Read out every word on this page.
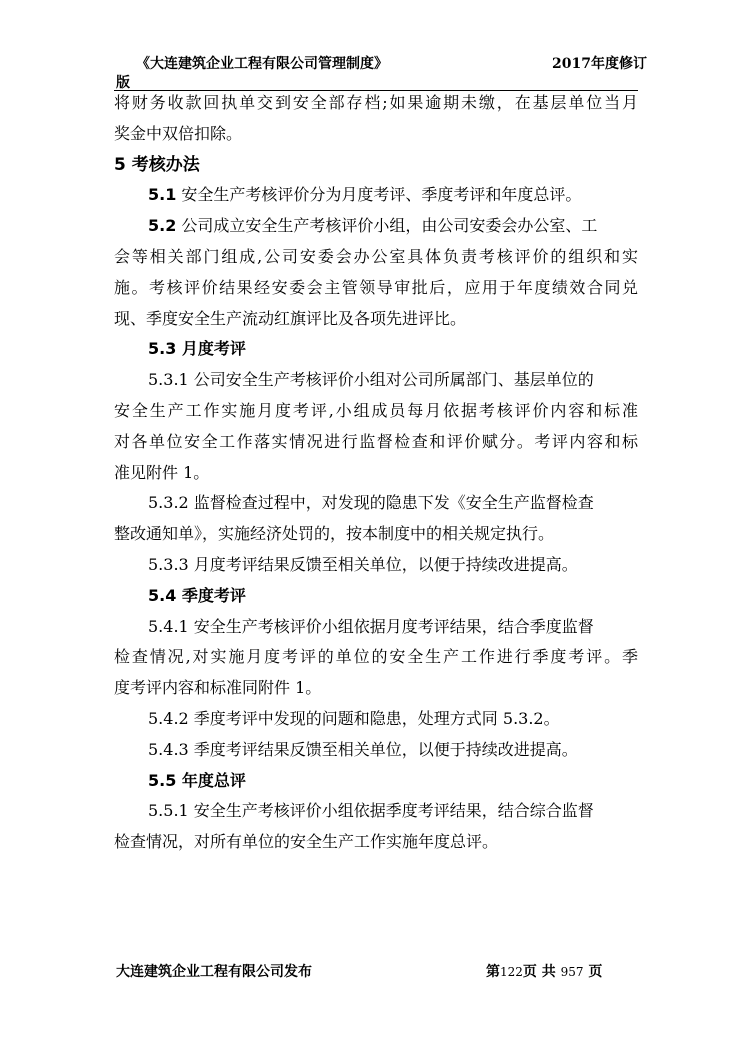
《大连建筑企业工程有限公司管理制度》	2017年度修订
版
将财务收款回执单交到安全部存档;如果逾期未缴，在基层单位当月
奖金中双倍扣除。
5 考核办法
5.1 安全生产考核评价分为月度考评、季度考评和年度总评。
5.2 公司成立安全生产考核评价小组，由公司安委会办公室、工
会等相关部门组成,公司安委会办公室具体负责考核评价的组织和实
施。考核评价结果经安委会主管领导审批后，应用于年度绩效合同兑
现、季度安全生产流动红旗评比及各项先进评比。
5.3 月度考评
5.3.1 公司安全生产考核评价小组对公司所属部门、基层单位的
安全生产工作实施月度考评,小组成员每月依据考核评价内容和标准
对各单位安全工作落实情况进行监督检查和评价赋分。考评内容和标
准见附件 1。
5.3.2 监督检查过程中，对发现的隐患下发《安全生产监督检查
整改通知单》，实施经济处罚的，按本制度中的相关规定执行。
5.3.3 月度考评结果反馈至相关单位，以便于持续改进提高。
5.4 季度考评
5.4.1 安全生产考核评价小组依据月度考评结果，结合季度监督
检查情况,对实施月度考评的单位的安全生产工作进行季度考评。季
度考评内容和标准同附件 1。
5.4.2 季度考评中发现的问题和隐患，处理方式同 5.3.2。
5.4.3 季度考评结果反馈至相关单位，以便于持续改进提高。
5.5 年度总评
5.5.1 安全生产考核评价小组依据季度考评结果，结合综合监督
检查情况，对所有单位的安全生产工作实施年度总评。
大连建筑企业工程有限公司发布	第122页 共 957 页
